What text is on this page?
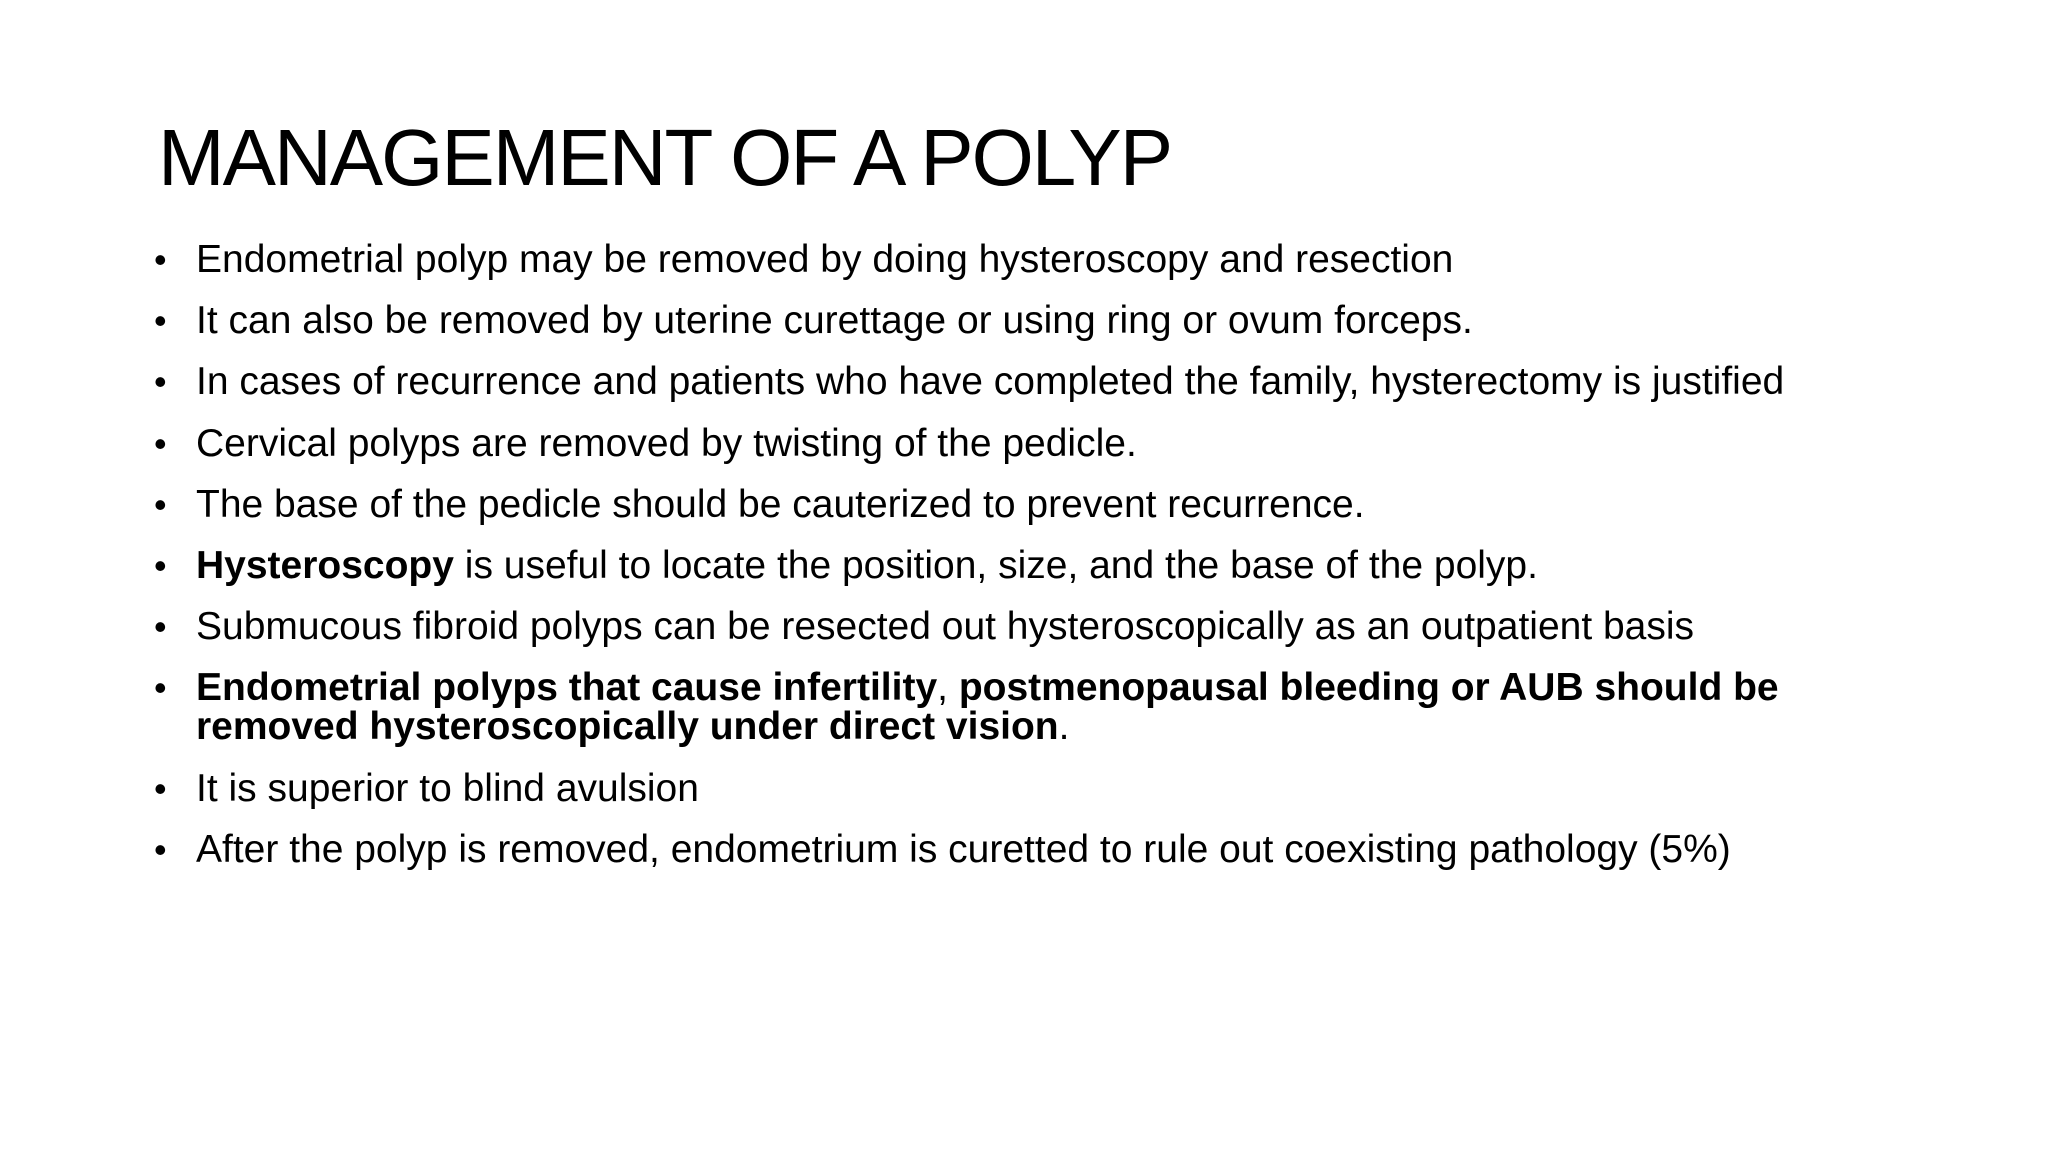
MANAGEMENT OF A POLYP
• Endometrial polyp may be removed by doing hysteroscopy and resection
• It can also be removed by uterine curettage or using ring or ovum forceps.
• In cases of recurrence and patients who have completed the family, hysterectomy is justified
• Cervical polyps are removed by twisting of the pedicle.
• The base of the pedicle should be cauterized to prevent recurrence.
• Hysteroscopy is useful to locate the position, size, and the base of the polyp.
• Submucous fibroid polyps can be resected out hysteroscopically as an outpatient basis
• Endometrial polyps that cause infertility, postmenopausal bleeding or AUB should be removed hysteroscopically under direct vision.
• It is superior to blind avulsion
• After the polyp is removed, endometrium is curetted to rule out coexisting pathology (5%)
